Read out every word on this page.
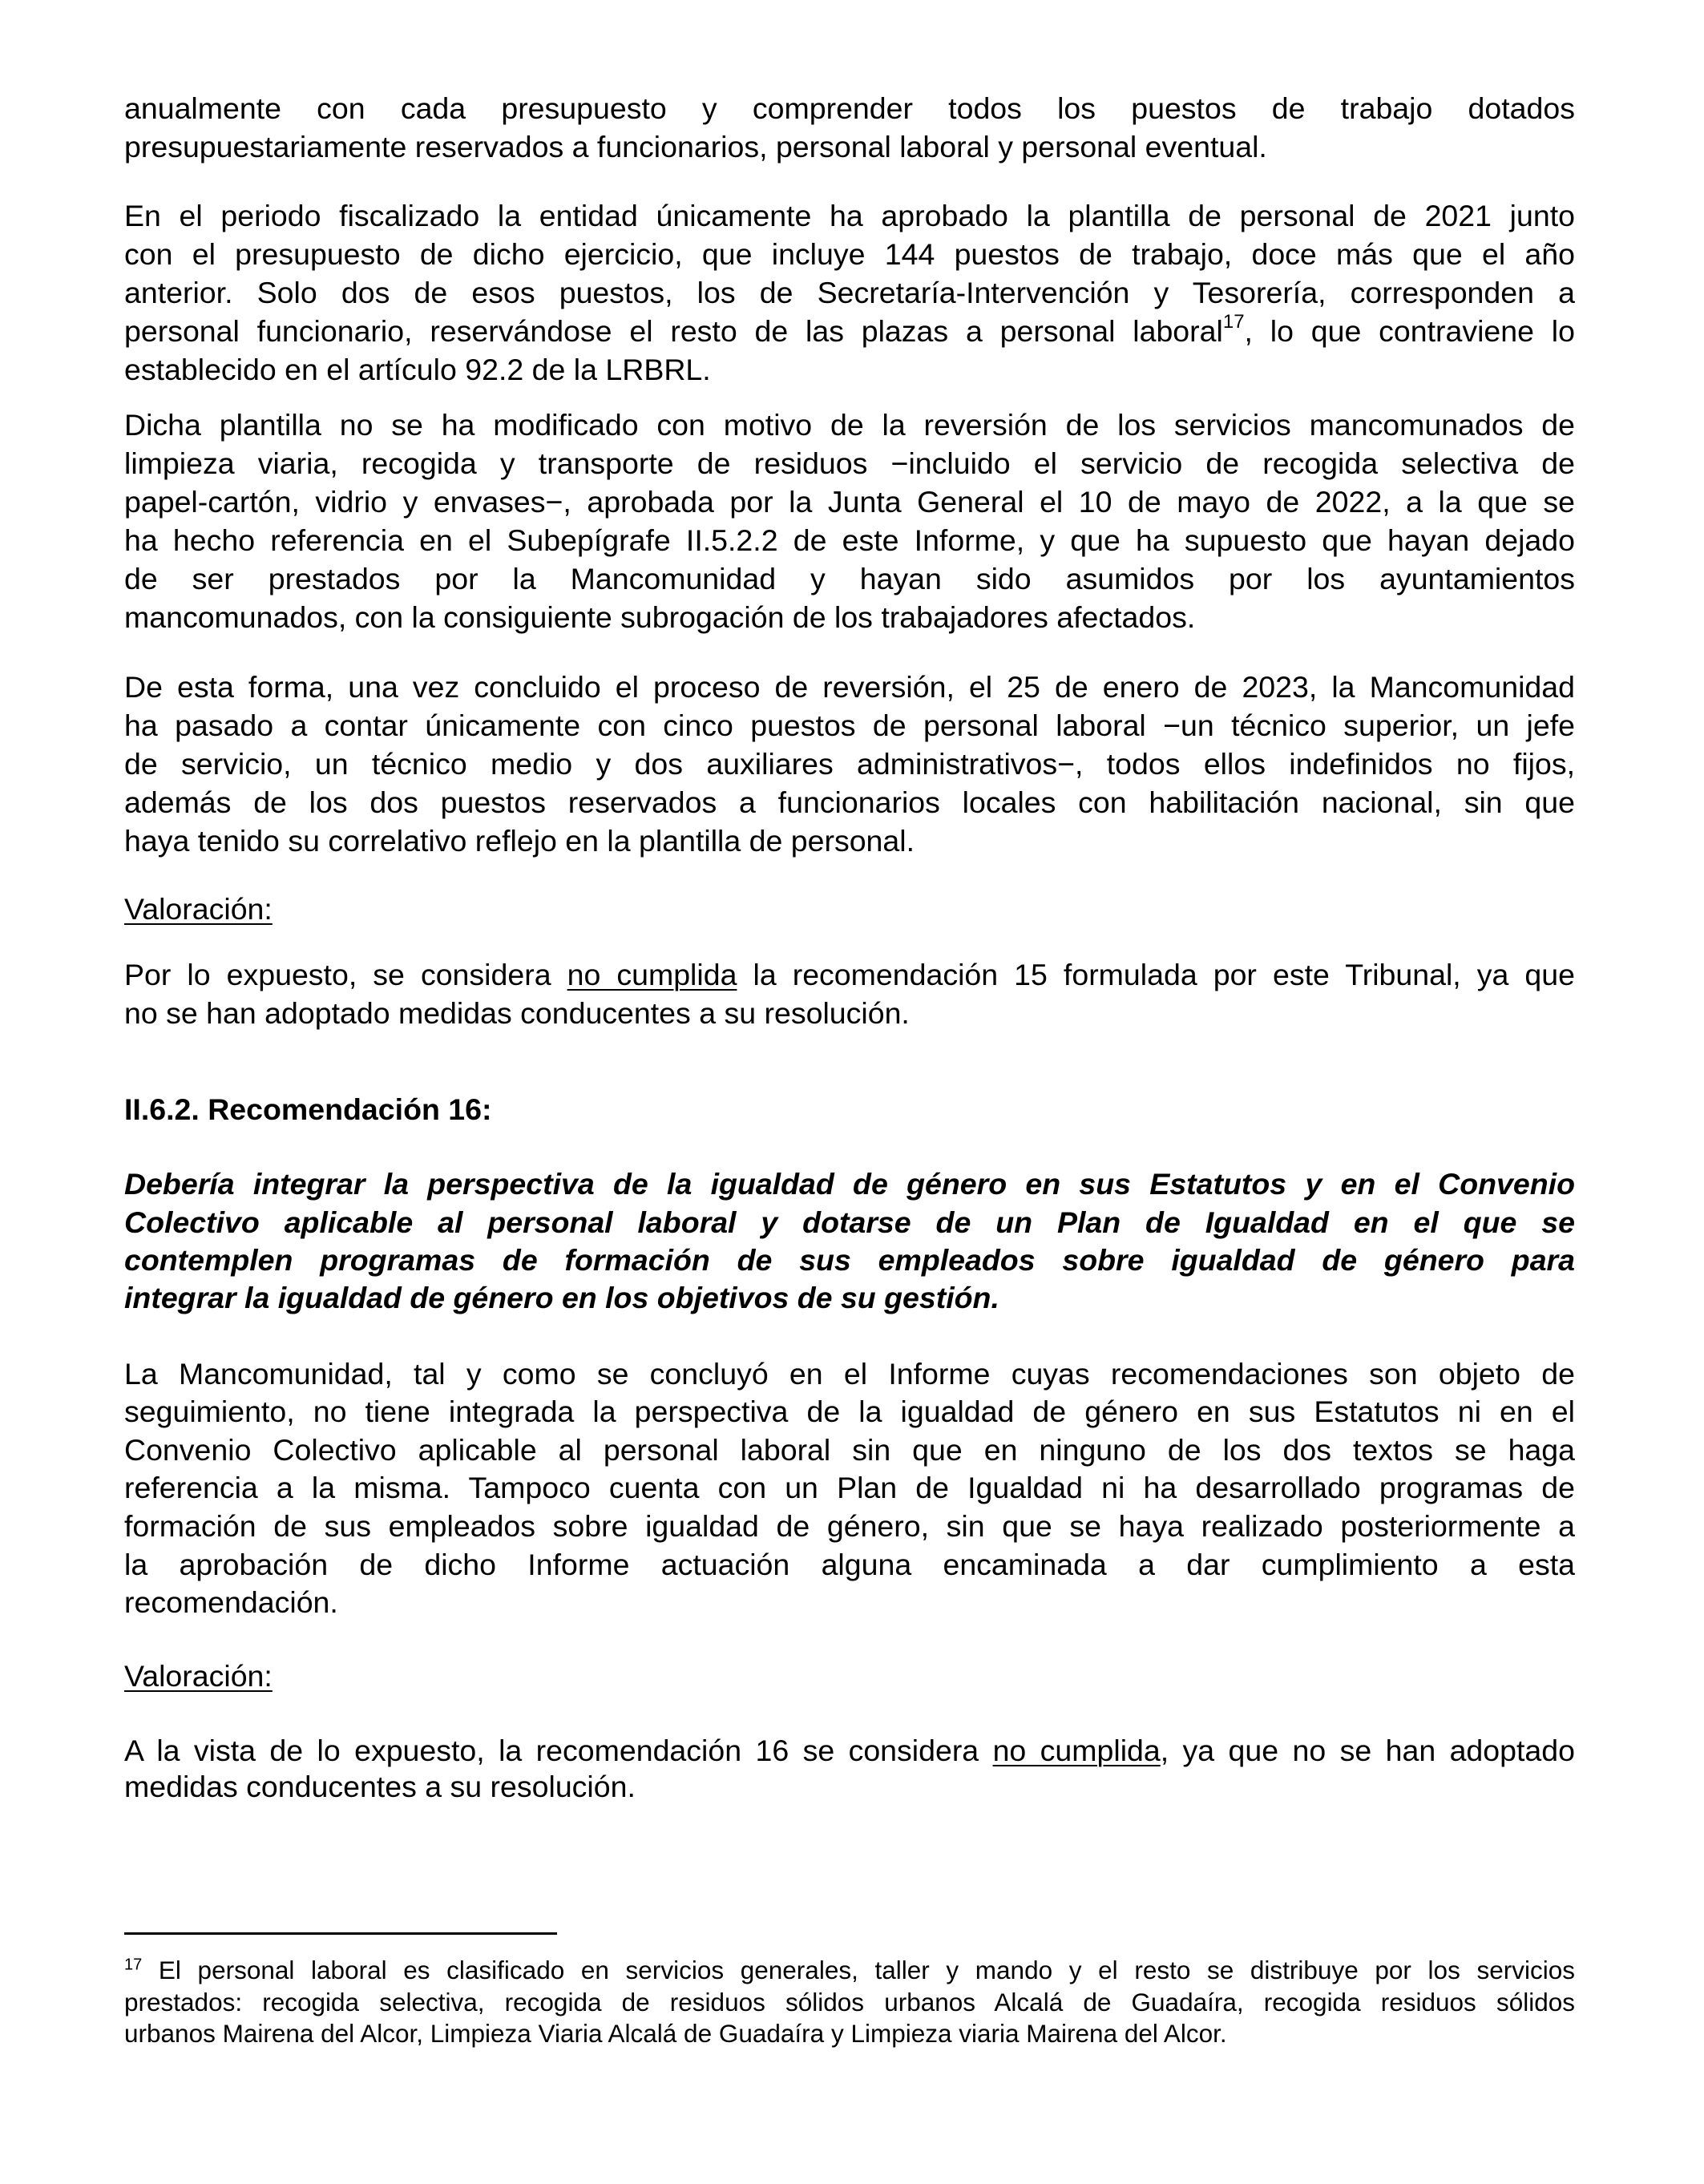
anualmente con cada presupuesto y comprender todos los puestos de trabajo dotados
presupuestariamente reservados a funcionarios, personal laboral y personal eventual.
En el periodo fiscalizado la entidad únicamente ha aprobado la plantilla de personal de 2021 junto
con el presupuesto de dicho ejercicio, que incluye 144 puestos de trabajo, doce más que el año
anterior. Solo dos de esos puestos, los de Secretaría-Intervención y Tesorería, corresponden a
personal funcionario, reservándose el resto de las plazas a personal laboral$^{17}$, lo que contraviene lo
establecido en el artículo 92.2 de la LRBRL.
Dicha plantilla no se ha modificado con motivo de la reversión de los servicios mancomunados de
limpieza viaria, recogida y transporte de residuos −incluido el servicio de recogida selectiva de
papel-cartón, vidrio y envases−, aprobada por la Junta General el 10 de mayo de 2022, a la que se
ha hecho referencia en el Subepígrafe II.5.2.2 de este Informe, y que ha supuesto que hayan dejado
de ser prestados por la Mancomunidad y hayan sido asumidos por los ayuntamientos
mancomunados, con la consiguiente subrogación de los trabajadores afectados.
De esta forma, una vez concluido el proceso de reversión, el 25 de enero de 2023, la Mancomunidad
ha pasado a contar únicamente con cinco puestos de personal laboral −un técnico superior, un jefe
de servicio, un técnico medio y dos auxiliares administrativos−, todos ellos indefinidos no fijos,
además de los dos puestos reservados a funcionarios locales con habilitación nacional, sin que
haya tenido su correlativo reflejo en la plantilla de personal.
Valoración:
Por lo expuesto, se considera no cumplida la recomendación 15 formulada por este Tribunal, ya que
no se han adoptado medidas conducentes a su resolución.
II.6.2. Recomendación 16:
Debería integrar la perspectiva de la igualdad de género en sus Estatutos y en el Convenio
Colectivo aplicable al personal laboral y dotarse de un Plan de Igualdad en el que se
contemplen programas de formación de sus empleados sobre igualdad de género para
integrar la igualdad de género en los objetivos de su gestión.
La Mancomunidad, tal y como se concluyó en el Informe cuyas recomendaciones son objeto de
seguimiento, no tiene integrada la perspectiva de la igualdad de género en sus Estatutos ni en el
Convenio Colectivo aplicable al personal laboral sin que en ninguno de los dos textos se haga
referencia a la misma. Tampoco cuenta con un Plan de Igualdad ni ha desarrollado programas de
formación de sus empleados sobre igualdad de género, sin que se haya realizado posteriormente a
la aprobación de dicho Informe actuación alguna encaminada a dar cumplimiento a esta
recomendación.
Valoración:
A la vista de lo expuesto, la recomendación 16 se considera no cumplida, ya que no se han adoptado
medidas conducentes a su resolución.
$^{17}$ El personal laboral es clasificado en servicios generales, taller y mando y el resto se distribuye por los servicios
prestados: recogida selectiva, recogida de residuos sólidos urbanos Alcalá de Guadaíra, recogida residuos sólidos
urbanos Mairena del Alcor, Limpieza Viaria Alcalá de Guadaíra y Limpieza viaria Mairena del Alcor.
